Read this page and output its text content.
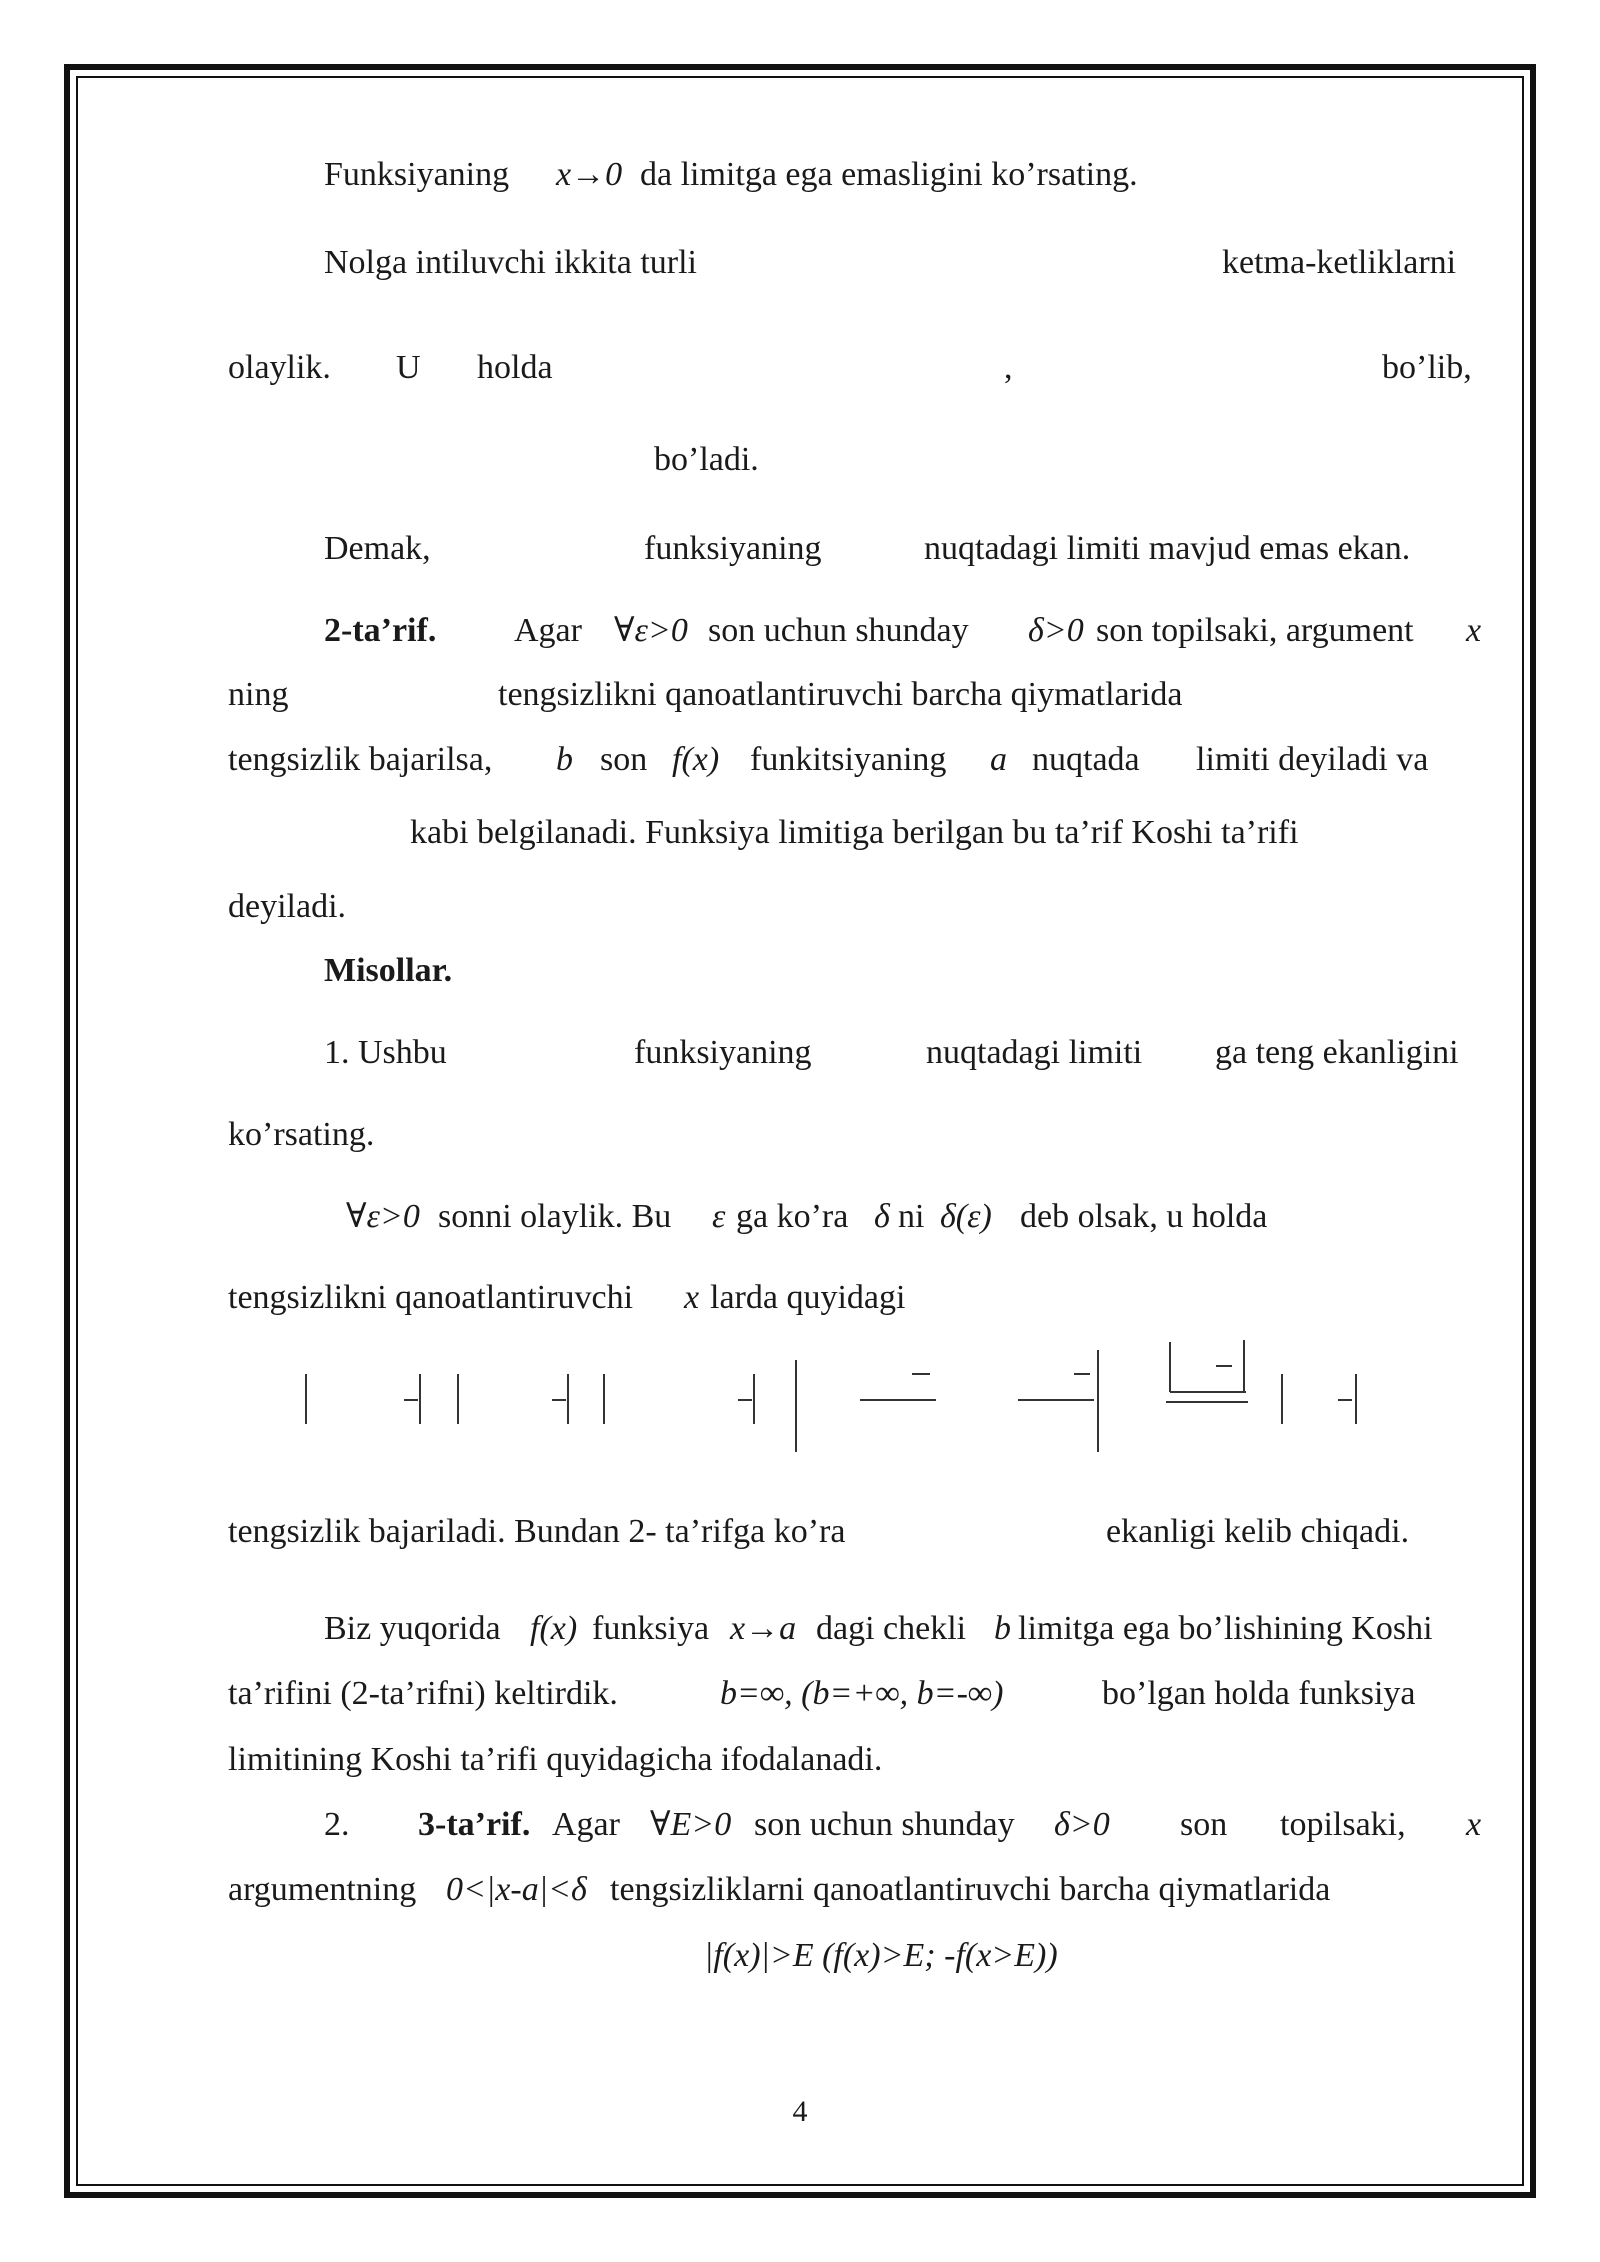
Funksiyaning x→0 da limitga ega emasligini ko’rsating.
Nolga intiluvchi ikkita turli	ketma-ketliklarni
olaylik. U holda	,	bo’lib,
bo’ladi.
Demak,	funksiyaning	nuqtadagi limiti mavjud emas ekan.
2-ta’rif. Agar ∀ε>0 son uchun shunday δ>0 son topilsaki, argument x
ning	tengsizlikni qanoatlantiruvchi barcha qiymatlarida
tengsizlik bajarilsa, b son f(x) funkitsiyaning a nuqtada limiti deyiladi va
kabi belgilanadi. Funksiya limitiga berilgan bu ta’rif Koshi ta’rifi
deyiladi.
Misollar.
1. Ushbu	funksiyaning	nuqtadagi limiti ga teng ekanligini
ko’rsating.
∀ε>0 sonni olaylik. Bu ε ga ko’ra δ ni δ(ε) deb olsak, u holda
tengsizlikni qanoatlantiruvchi x larda quyidagi
tengsizlik bajariladi. Bundan 2- ta’rifga ko’ra	ekanligi kelib chiqadi.
Biz yuqorida f(x) funksiya x→a dagi chekli b limitga ega bo’lishining Koshi
ta’rifini (2-ta’rifni) keltirdik.	b=∞, (b=+∞, b=-∞)	bo’lgan holda funksiya
limitining Koshi ta’rifi quyidagicha ifodalanadi.
2. 3-ta’rif. Agar ∀E>0 son uchun shunday δ>0 son topilsaki, x
argumentning 0<|x-a|<δ tengsizliklarni qanoatlantiruvchi barcha qiymatlarida
|f(x)|>E (f(x)>E; -f(x>E))
4
